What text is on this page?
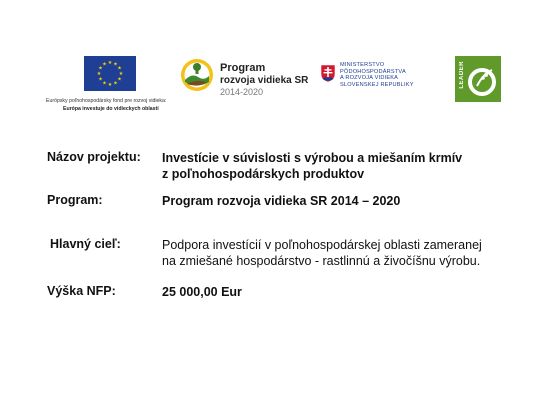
★ ★
★
★
★
★
★
★
★
★
★
★
Európsky poľnohospodársky fond pre rozvoj vidieka:
Európa investuje do vidieckych oblastí
Program
rozvoja vidieka SR
2014-2020
MINISTERSTVO
PÔDOHOSPODÁRSTVA
A ROZVOJA VIDIEKA
SLOVENSKEJ REPUBLIKY	LEADER
Názov projektu: Investície v súvislosti s výrobou a miešaním krmív
z poľnohospodárskych produktov
Program:	Program rozvoja vidieka SR 2014 – 2020
Hlavný cieľ:	Podpora investícií v poľnohospodárskej oblasti zameranej
na zmiešané hospodárstvo - rastlinnú a živočíšnu výrobu.
Výška NFP:	25 000,00 Eur
